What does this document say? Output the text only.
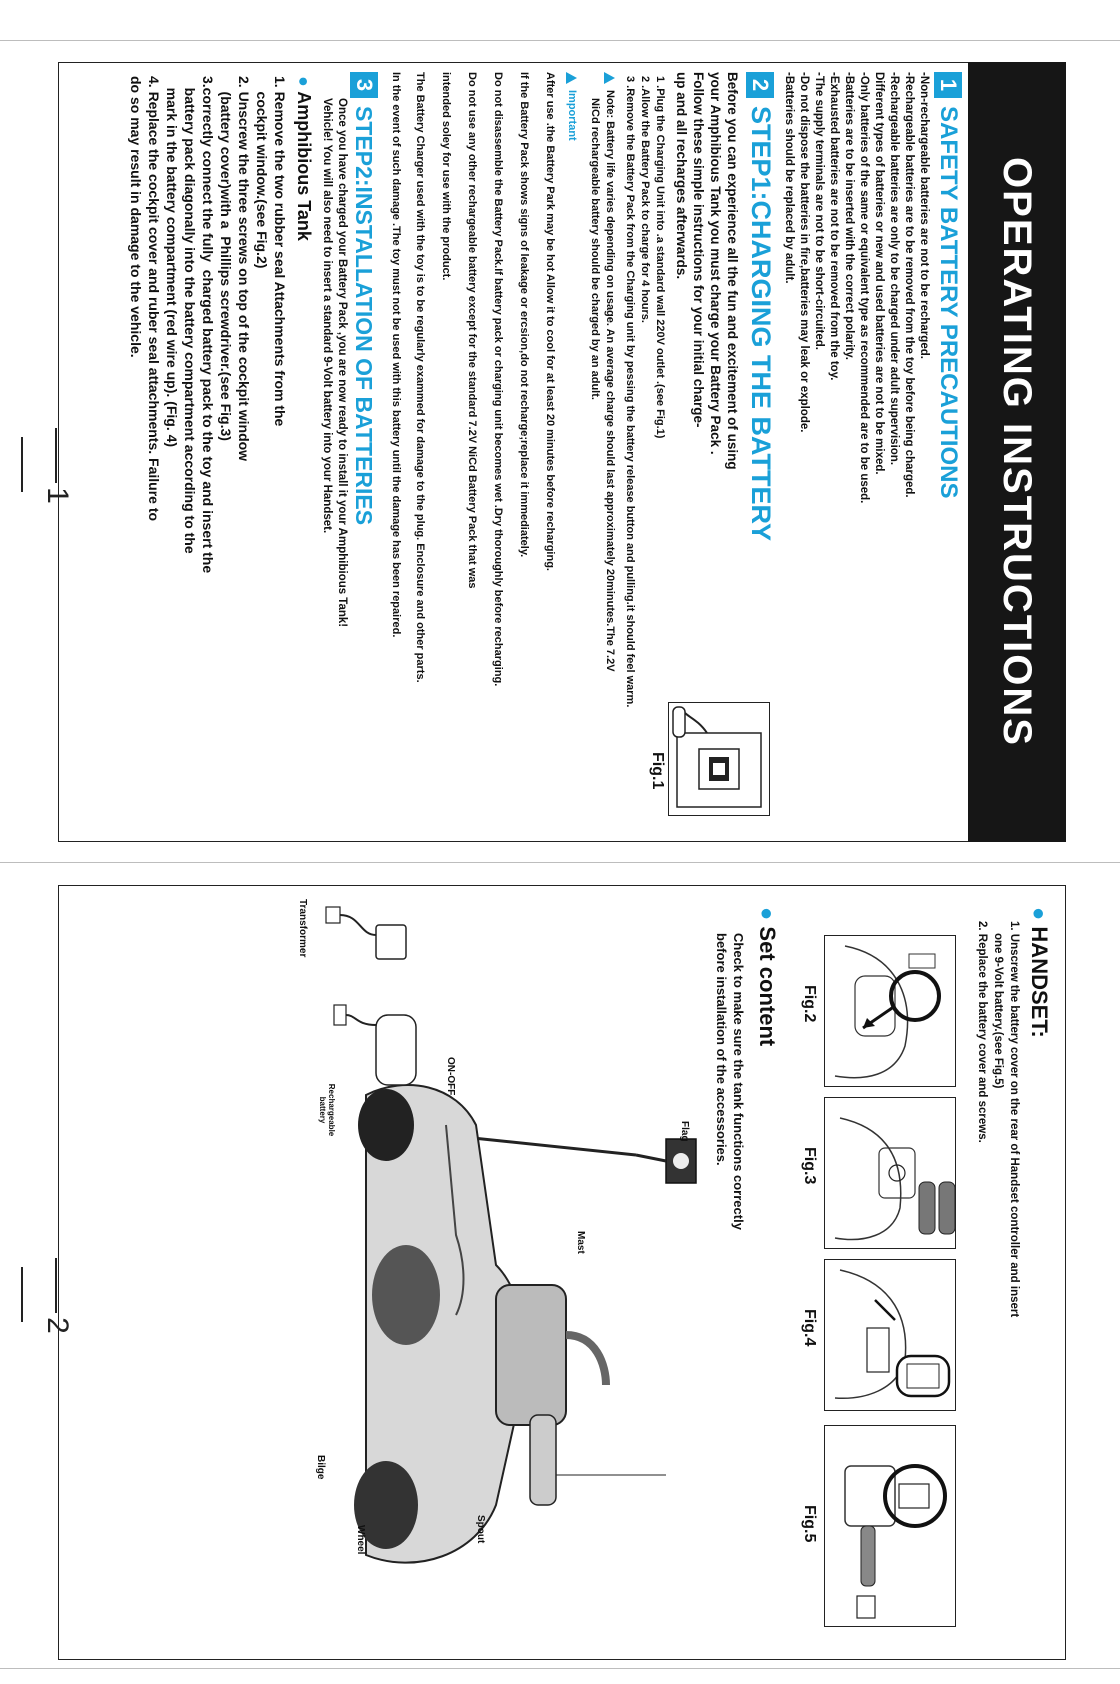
OPERATING INSTRUCTIONS
1
SAFETY BATTERY PRECAUTIONS
-Non-rechargeable batteries are not to be recharged.
-Rechargeable batteries are to be removed from the toy before being charged.
-Rechargeable batteries are only to be charged under adult supervision.
Different types of batteries or new and used batteries are not to be mixed.
-Only batteries of the same or equivalent type as recommended are to be used.
-Batteries are to be inserted with the correct polarity.
-Exhausted batteries are not to be removed from the toy.
-The supply terminals are not to be short-circuited.
-Do not dispose the batteries in fire,batteries may leak or explode.
-Batteries should be replaced by adult.
2
STEP1:CHARGING THE BATTERY
Before you can experience all the fun and excitement of using
your Amphibious Tank you must charge your Battery Pack .
Follow these simple instructions for your initial charge-
up and all recharges afterwards.
1 .Plug the Charging Unit into .a standard wall 220V outlet .(see Fig.1)
2 .Allow the Battery Pack to charge for 4 hours.
3 .Remove the Battery Pack from the Charging unit by pessing the battery release button and pulling.it should feel warm.
Fig.1
Note: Battery life varies depending on usage. An average charge should last approximately 20minutes.The 7.2V
NiCd rechargeable battery should be charged by an adult.
Important
After use .the Battery Park may be hot Allow it to cool for at least 20 minutes before recharging.
If the Battery Pack shows signs of leakage or ercsion,do not recharge;replace it immediately.
Do not disassemble the Battery Pack.If battery pack or charging unit becomes wet .Dry thoroughly before recharging.
Do not use any other rechargeable battery except for the standard 7.2V NiCd Battery Pack that was
intended soley for use with the product.
The Battery Charger used with the toy is to be regularly exammed for damage to the plug. Enclosure and other parts.
In the event of such damage .The toy must not be used with this battery until the damage has been repaired.
3
STEP2:INSTALLATION OF BATTERIES
Once you have charged your Battery Pack ,you are now ready to install it your Amphibious Tank!
Vehicle! You will also need to insert a standard 9-Volt battery into your Handset.
● Amphibious Tank
1. Remove the two rubber seal Attachments from the
cockpit window.(see Fig.2)
2. Unscrew the three screws on top of the cockpit window
(battery cover)with a  Phillips screwdriver.(see Fig.3)
3.correctly connect the fully  charged battery pack to the toy and insert the
battery pack diagonally into the battery compartment according to the
mark in the battery compartment (red wire up). (Fig. 4)
4. Replace the cockpit cover and ruber seal attachments. Failure to
do so may result in damage to the vehicle.
1
● HANDSET:
1. Unscrew the battery cover on the rear of Handset controller and insert
one 9-Volt battery.(see Fig.5)
2. Replace the battery cover and screws.
Fig.2
Fig.3
Fig.4
Fig.5
● Set content
Check to make sure the tank functions correctly
before installation of the accessories.
Flag
Mast
ON-OFF
Spout
Wheel
Bilge
Transformer
Rechargeable battery
2
